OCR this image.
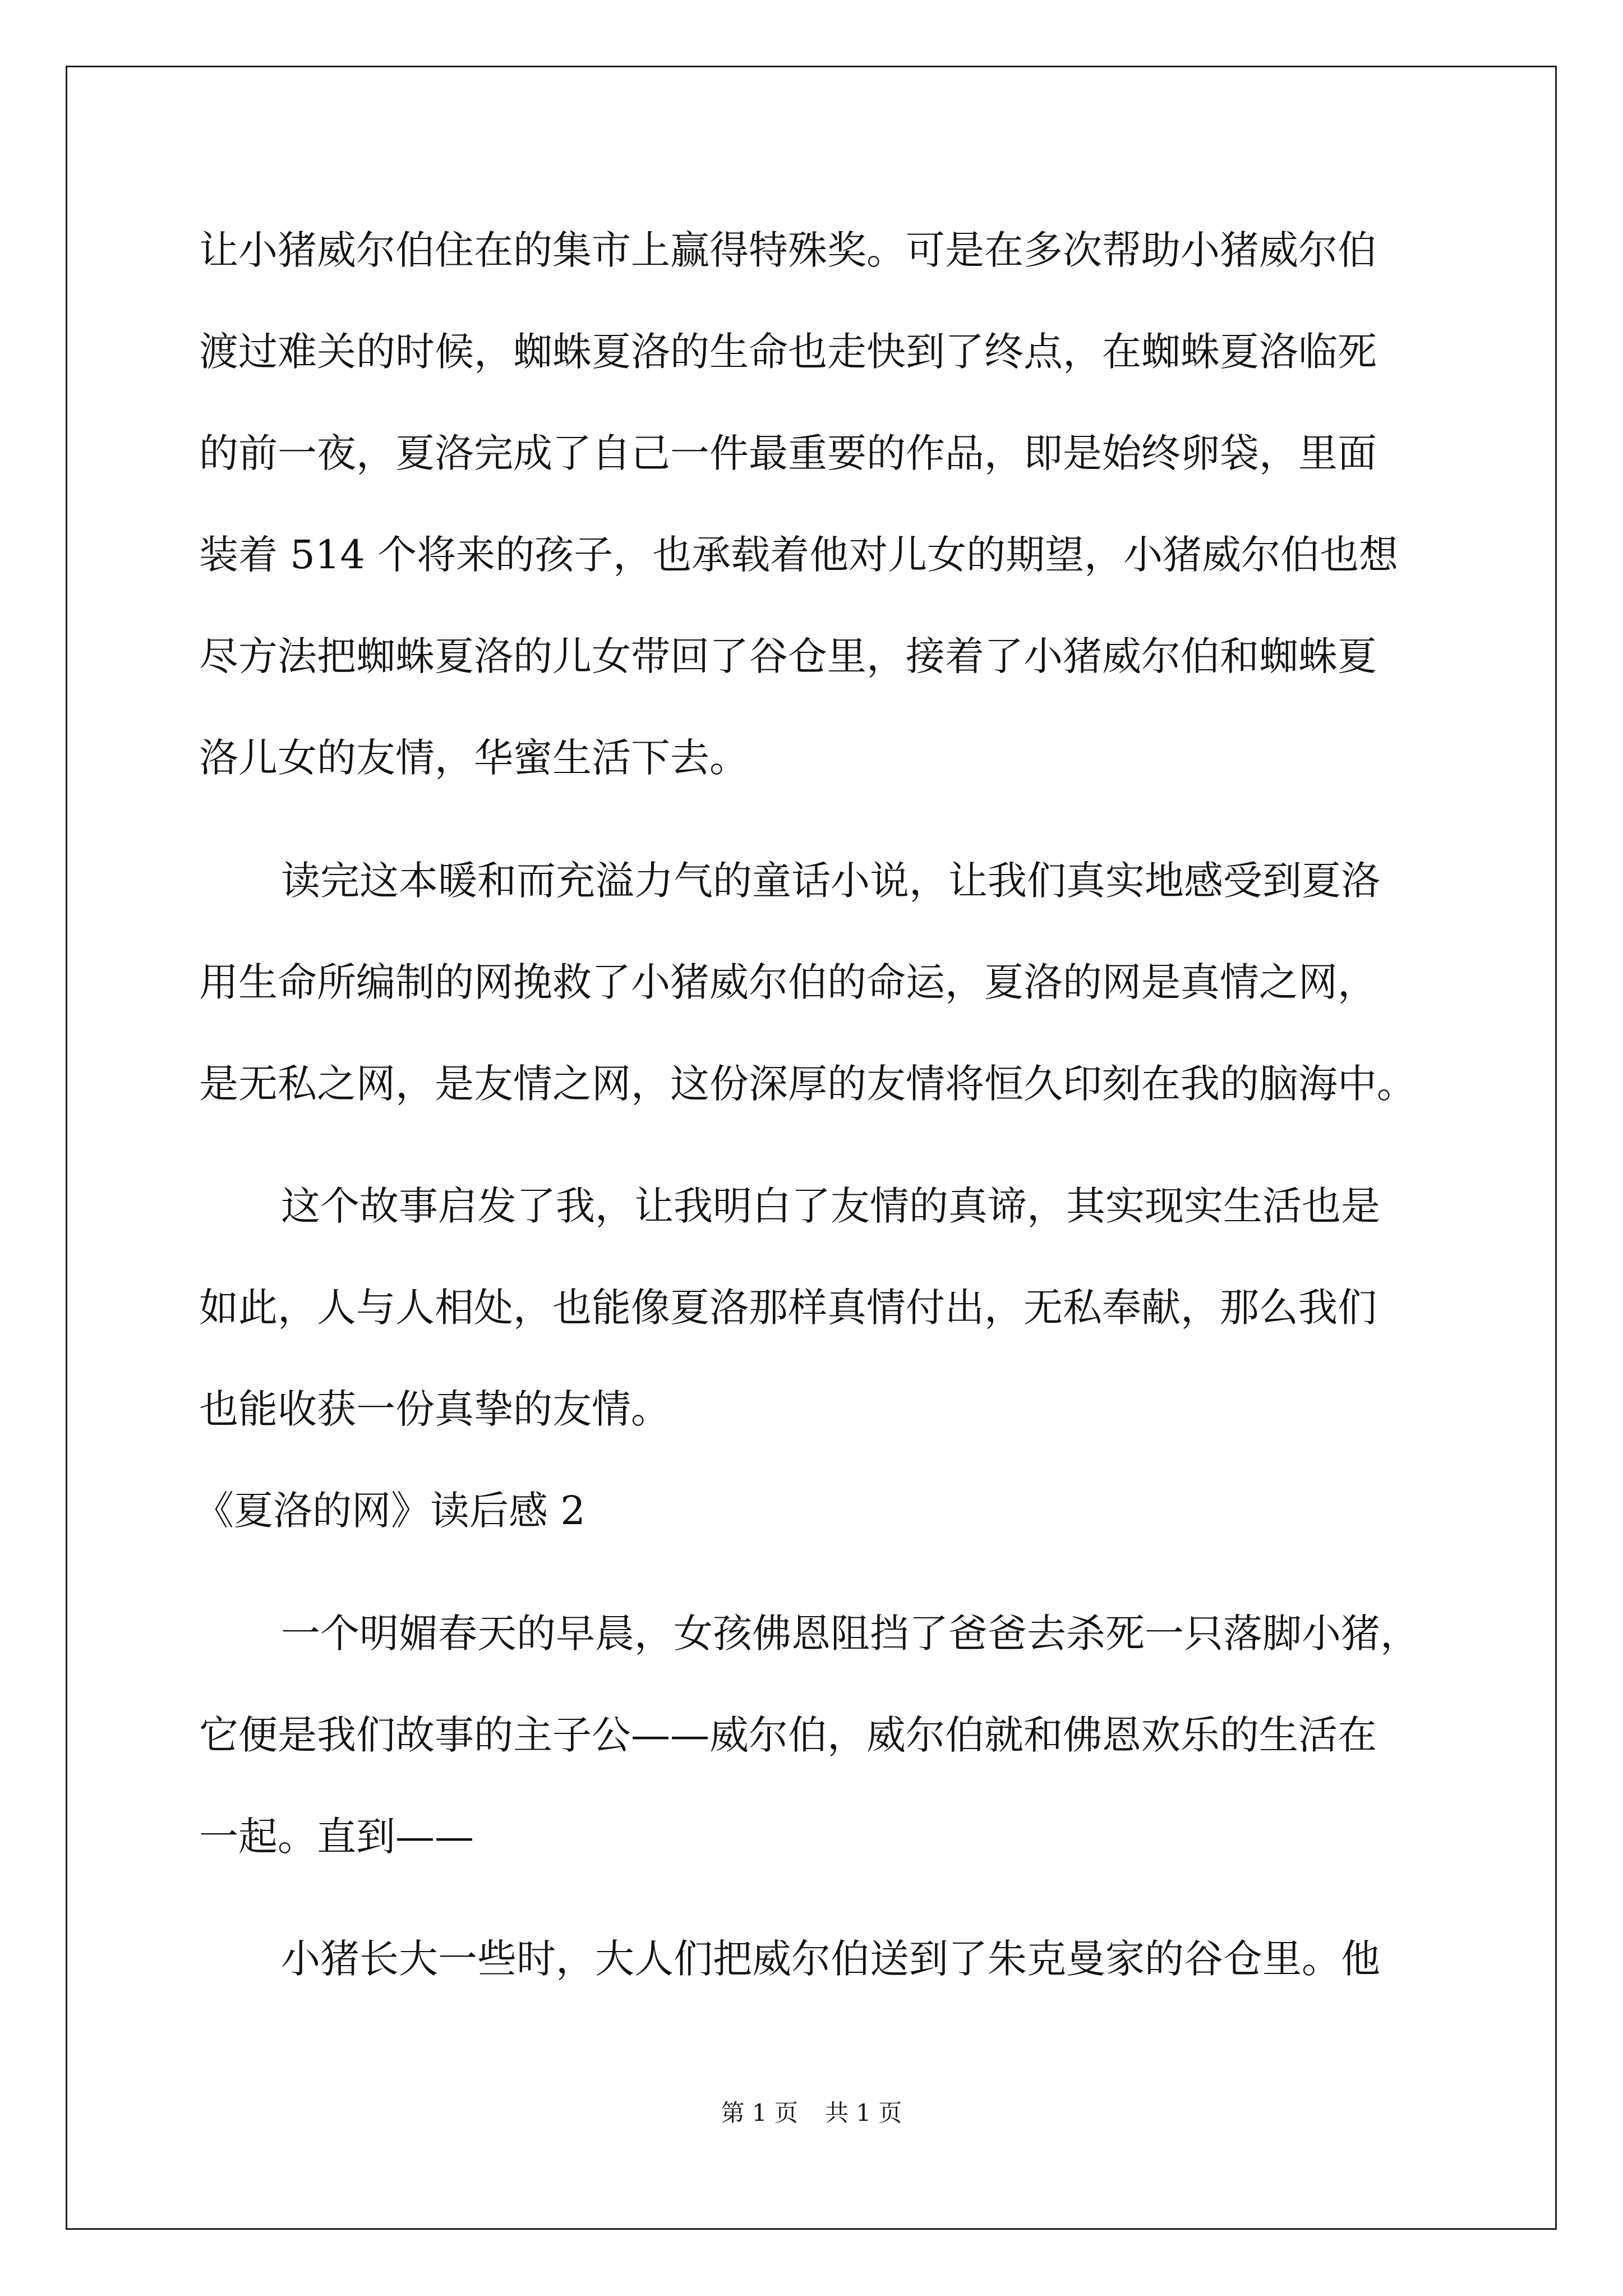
让小猪威尔伯住在的集市上赢得特殊奖。可是在多次帮助小猪威尔伯
渡过难关的时候，蜘蛛夏洛的生命也走快到了终点，在蜘蛛夏洛临死
的前一夜，夏洛完成了自己一件最重要的作品，即是始终卵袋，里面
装着 514 个将来的孩子，也承载着他对儿女的期望，小猪威尔伯也想
尽方法把蜘蛛夏洛的儿女带回了谷仓里，接着了小猪威尔伯和蜘蛛夏
洛儿女的友情，华蜜生活下去。
读完这本暖和而充溢力气的童话小说，让我们真实地感受到夏洛
用生命所编制的网挽救了小猪威尔伯的命运，夏洛的网是真情之网，
是无私之网，是友情之网，这份深厚的友情将恒久印刻在我的脑海中。
这个故事启发了我，让我明白了友情的真谛，其实现实生活也是
如此，人与人相处，也能像夏洛那样真情付出，无私奉献，那么我们
也能收获一份真挚的友情。
《夏洛的网》读后感 2
一个明媚春天的早晨，女孩佛恩阻挡了爸爸去杀死一只落脚小猪，
它便是我们故事的主子公——威尔伯，威尔伯就和佛恩欢乐的生活在
一起。直到——
小猪长大一些时，大人们把威尔伯送到了朱克曼家的谷仓里。他
第 1 页 共 1 页
